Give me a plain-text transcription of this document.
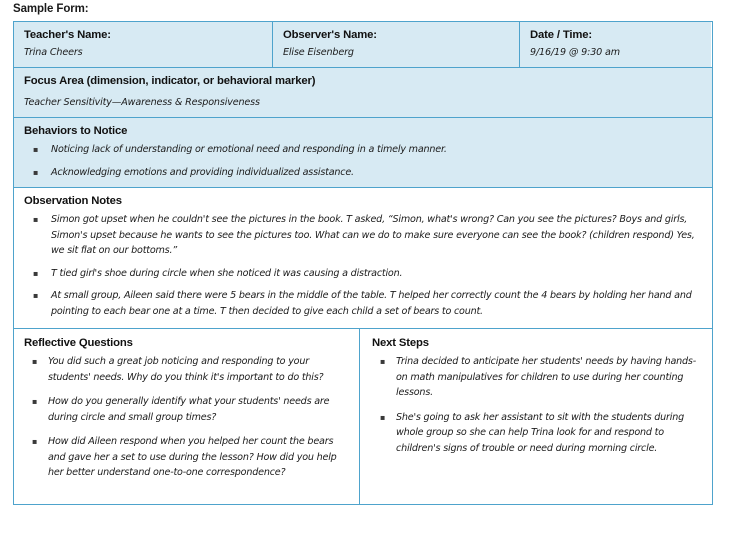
Sample Form:
Teacher's Name:
Trina Cheers
Observer's Name:
Elise Eisenberg
Date / Time:
9/16/19 @ 9:30 am
Focus Area (dimension, indicator, or behavioral marker)
Teacher Sensitivity—Awareness & Responsiveness
Behaviors to Notice
▪ Noticing lack of understanding or emotional need and responding in a timely manner.
▪ Acknowledging emotions and providing individualized assistance.
Observation Notes
▪ Simon got upset when he couldn't see the pictures in the book. T asked, “Simon, what's wrong? Can you see the pictures? Boys and girls, Simon's upset because he wants to see the pictures too. What can we do to make sure everyone can see the book? (children respond) Yes, we sit flat on our bottoms.”
▪ T tied girl's shoe during circle when she noticed it was causing a distraction.
▪ At small group, Aileen said there were 5 bears in the middle of the table. T helped her correctly count the 4 bears by holding her hand and pointing to each bear one at a time. T then decided to give each child a set of bears to count.
Reflective Questions
▪ You did such a great job noticing and responding to your students' needs. Why do you think it's important to do this?
▪ How do you generally identify what your students' needs are during circle and small group times?
▪ How did Aileen respond when you helped her count the bears and gave her a set to use during the lesson? How did you help her better understand one-to-one correspondence?
Next Steps
▪ Trina decided to anticipate her students' needs by having hands-on math manipulatives for children to use during her counting lessons.
▪ She's going to ask her assistant to sit with the students during whole group so she can help Trina look for and respond to children's signs of trouble or need during morning circle.
